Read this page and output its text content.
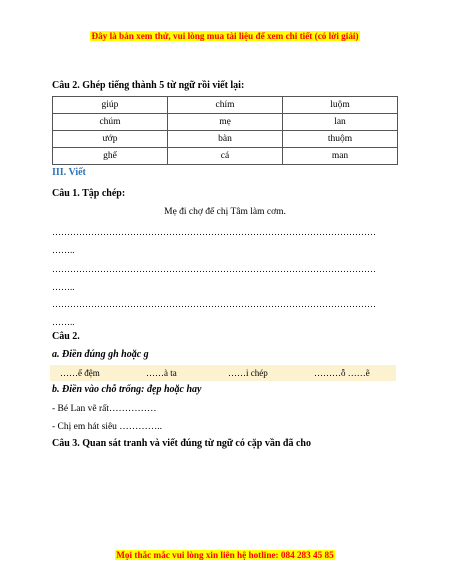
Đây là bản xem thử, vui lòng mua tài liệu để xem chi tiết (có lời giải)
Câu 2. Ghép tiếng thành 5 từ ngữ rồi viết lại:
giúp	chím	luộm
chúm	mẹ	lan
ướp	bàn	thuộm
ghế	cá	man
III. Viết
Câu 1. Tập chép:
Mẹ đi chợ để chị Tâm làm cơm.
………………………………………………………………………………………………
……..
………………………………………………………………………………………………
……..
………………………………………………………………………………………………
……..
Câu 2.
a. Điền đúng gh hoặc g
……ế đệm	……à ta	……i chép	………ỗ ……ẽ
b. Điền vào chỗ trống: đẹp hoặc hay
- Bé Lan vẽ rất……………
- Chị em hát siêu …………..
Câu 3. Quan sát tranh và viết đúng từ ngữ có cặp vần đã cho
Mọi thắc mắc vui lòng xin liên hệ hotline: 084 283 45 85
